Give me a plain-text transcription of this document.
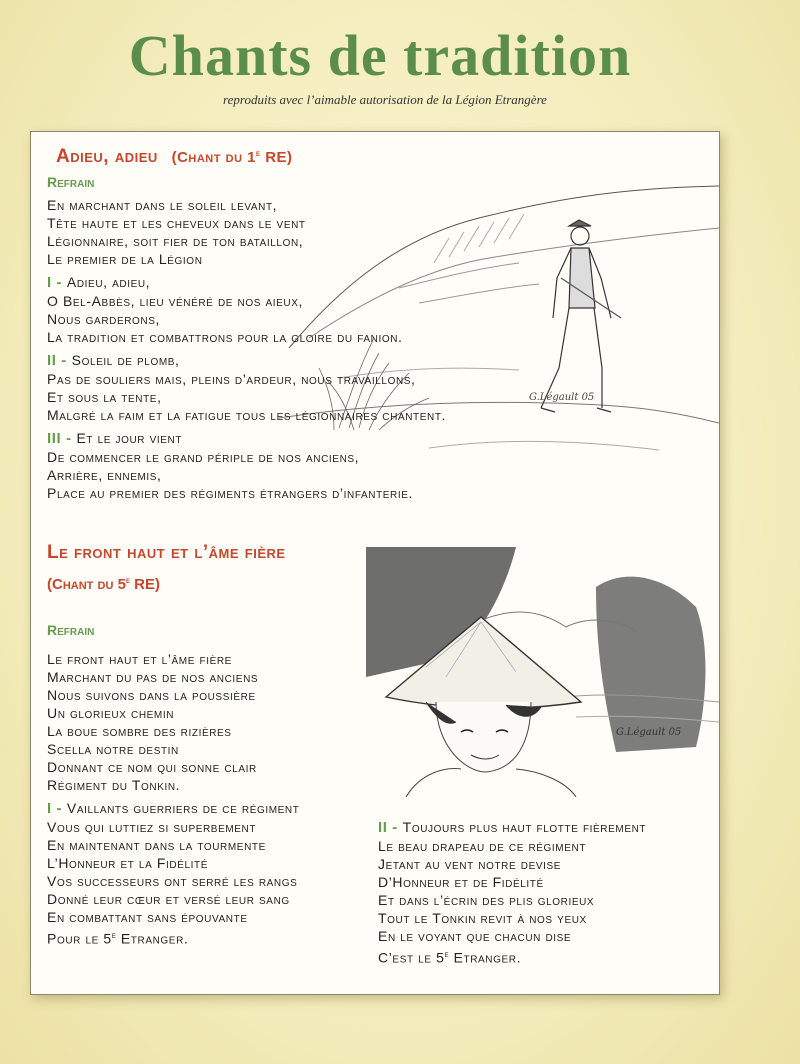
Chants de tradition
reproduits avec l’aimable autorisation de la Légion Etrangère
G.Légault 05
G.Légault 05
Adieu, adieu (Chant du 1e RE)
Refrain
En marchant dans le soleil levant,
Tête haute et les cheveux dans le vent
Légionnaire, soit fier de ton bataillon,
Le premier de la Légion
I - Adieu, adieu,
O Bel-Abbès, lieu vénéré de nos aieux,
Nous garderons,
La tradition et combattrons pour la gloire du fanion.
II - Soleil de plomb,
Pas de souliers mais, pleins d’ardeur, nous travaillons,
Et sous la tente,
Malgré la faim et la fatigue tous les légionnaires chantent.
III - Et le jour vient
De commencer le grand périple de nos anciens,
Arrière, ennemis,
Place au premier des régiments étrangers d’infanterie.
Le front haut et l’âme fière
(Chant du 5e RE)
Refrain
Le front haut et l’âme fière
Marchant du pas de nos anciens
Nous suivons dans la poussière
Un glorieux chemin
La boue sombre des rizières
Scella notre destin
Donnant ce nom qui sonne clair
Régiment du Tonkin.
I - Vaillants guerriers de ce régiment
Vous qui luttiez si superbement
En maintenant dans la tourmente
L’Honneur et la Fidélité
Vos successeurs ont serré les rangs
Donné leur cœur et versé leur sang
En combattant sans épouvante
Pour le 5e Etranger.
II - Toujours plus haut flotte fièrement
Le beau drapeau de ce régiment
Jetant au vent notre devise
D’Honneur et de Fidélité
Et dans l’écrin des plis glorieux
Tout le Tonkin revit à nos yeux
En le voyant que chacun dise
C’est le 5e Etranger.
